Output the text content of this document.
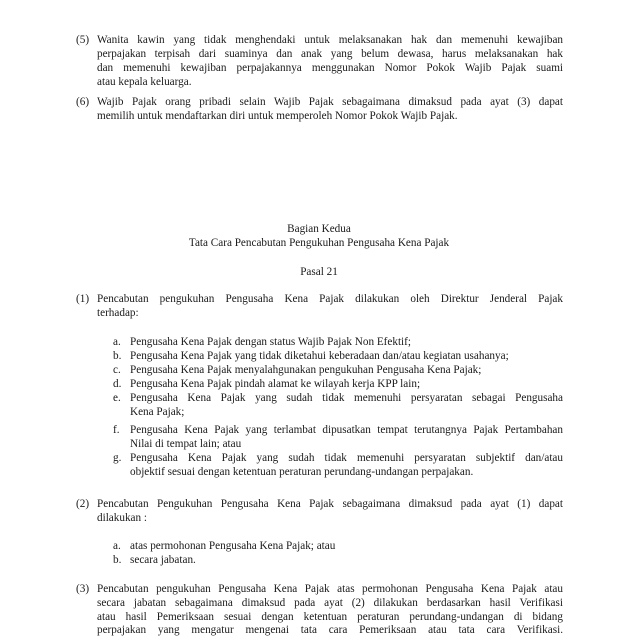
(5) Wanita kawin yang tidak menghendaki untuk melaksanakan hak dan memenuhi kewajiban
perpajakan terpisah dari suaminya dan anak yang belum dewasa, harus melaksanakan hak
dan memenuhi kewajiban perpajakannya menggunakan Nomor Pokok Wajib Pajak suami
atau kepala keluarga.
(6) Wajib Pajak orang pribadi selain Wajib Pajak sebagaimana dimaksud pada ayat (3) dapat
memilih untuk mendaftarkan diri untuk memperoleh Nomor Pokok Wajib Pajak.
Bagian Kedua
Tata Cara Pencabutan Pengukuhan Pengusaha Kena Pajak
Pasal 21
(1) Pencabutan pengukuhan Pengusaha Kena Pajak dilakukan oleh Direktur Jenderal Pajak
terhadap:
a. Pengusaha Kena Pajak dengan status Wajib Pajak Non Efektif;
b. Pengusaha Kena Pajak yang tidak diketahui keberadaan dan/atau kegiatan usahanya;
c. Pengusaha Kena Pajak menyalahgunakan pengukuhan Pengusaha Kena Pajak;
d. Pengusaha Kena Pajak pindah alamat ke wilayah kerja KPP lain;
e. Pengusaha Kena Pajak yang sudah tidak memenuhi persyaratan sebagai Pengusaha
Kena Pajak;
f. Pengusaha Kena Pajak yang terlambat dipusatkan tempat terutangnya Pajak Pertambahan
Nilai di tempat lain; atau
g. Pengusaha Kena Pajak yang sudah tidak memenuhi persyaratan subjektif dan/atau
objektif sesuai dengan ketentuan peraturan perundang-undangan perpajakan.
(2) Pencabutan Pengukuhan Pengusaha Kena Pajak sebagaimana dimaksud pada ayat (1) dapat
dilakukan :
a. atas permohonan Pengusaha Kena Pajak; atau
b. secara jabatan.
(3) Pencabutan pengukuhan Pengusaha Kena Pajak atas permohonan Pengusaha Kena Pajak atau
secara jabatan sebagaimana dimaksud pada ayat (2) dilakukan berdasarkan hasil Verifikasi
atau hasil Pemeriksaan sesuai dengan ketentuan peraturan perundang-undangan di bidang
perpajakan yang mengatur mengenai tata cara Pemeriksaan atau tata cara Verifikasi.
